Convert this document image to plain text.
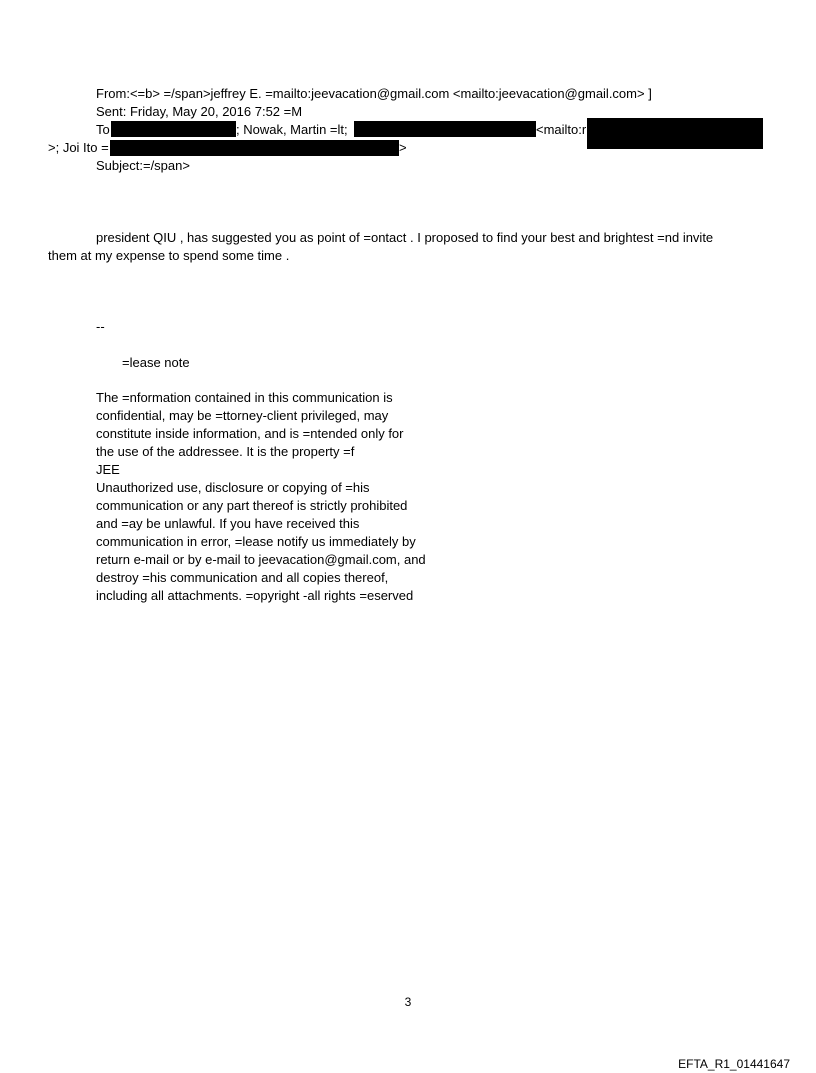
From:<=b> =/span>jeffrey E. =mailto:jeevacation@gmail.com <mailto:jeevacation@gmail.com> ]
Sent: Friday, May 20, 2016 7:52 =M
To	; Nowak, Martin =lt;	<mailto:r
>; Joi Ito =	>
Subject:=/span>
president QIU , has suggested you as point of =ontact . I proposed to find your best and brightest =nd invite
them at my expense to spend some time .
--
=lease note
The =nformation contained in this communication is
confidential, may be =ttorney-client privileged, may
constitute inside information, and is =ntended only for
the use of the addressee. It is the property =f
JEE
Unauthorized use, disclosure or copying of =his
communication or any part thereof is strictly prohibited
and =ay be unlawful. If you have received this
communication in error, =lease notify us immediately by
return e-mail or by e-mail to jeevacation@gmail.com, and
destroy =his communication and all copies thereof,
including all attachments. =opyright -all rights =eserved
3
EFTA_R1_01441647
